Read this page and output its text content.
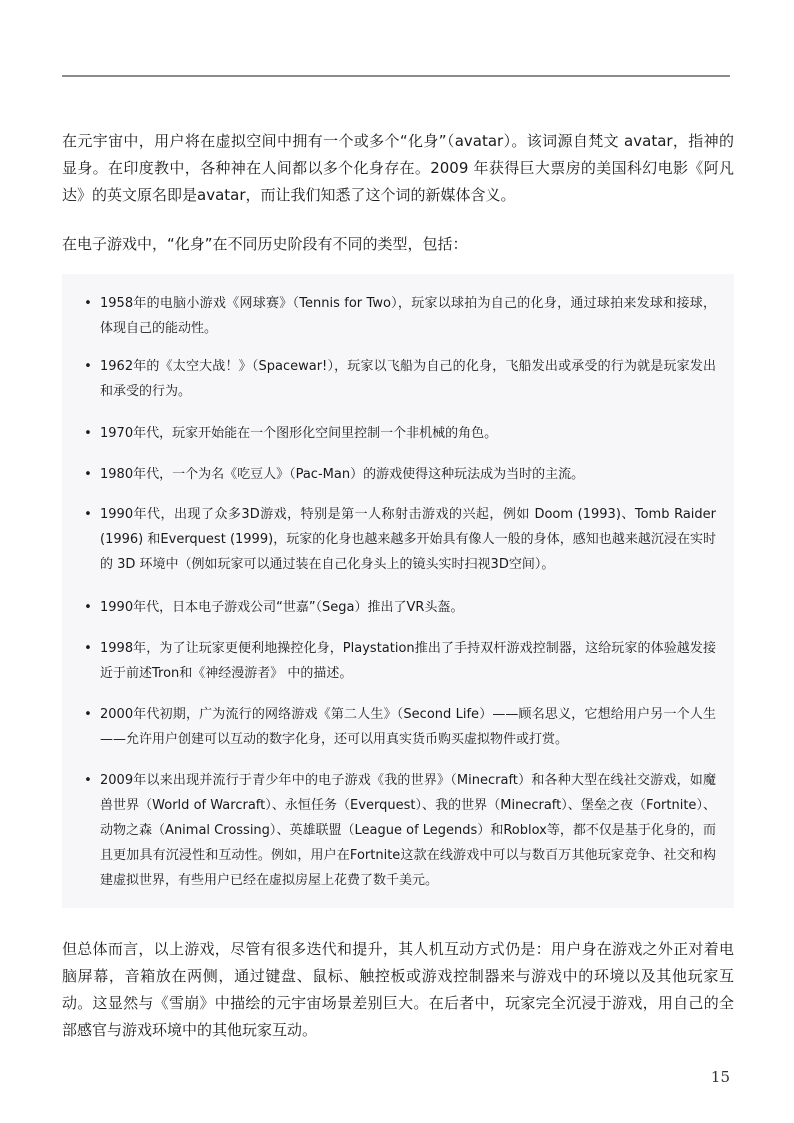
在元宇宙中，用户将在虚拟空间中拥有一个或多个“化身”（avatar）。该词源自梵文 avatar，指神的显身。在印度教中，各种神在人间都以多个化身存在。2009 年获得巨大票房的美国科幻电影《阿凡达》的英文原名即是avatar，而让我们知悉了这个词的新媒体含义。

在电子游戏中，“化身”在不同历史阶段有不同的类型，包括：

• 1958年的电脑小游戏《网球赛》（Tennis for Two），玩家以球拍为自己的化身，通过球拍来发球和接球，体现自己的能动性。
• 1962年的《太空大战！》（Spacewar!），玩家以飞船为自己的化身，飞船发出或承受的行为就是玩家发出和承受的行为。
• 1970年代，玩家开始能在一个图形化空间里控制一个非机械的角色。
• 1980年代，一个为名《吃豆人》（Pac-Man）的游戏使得这种玩法成为当时的主流。
• 1990年代，出现了众多3D游戏，特别是第一人称射击游戏的兴起，例如 Doom (1993)、Tomb Raider (1996) 和Everquest (1999)，玩家的化身也越来越多开始具有像人一般的身体，感知也越来越沉浸在实时的 3D 环境中（例如玩家可以通过装在自己化身头上的镜头实时扫视3D空间）。
• 1990年代，日本电子游戏公司“世嘉”（Sega）推出了VR头盔。
• 1998年，为了让玩家更便利地操控化身，Playstation推出了手持双杆游戏控制器，这给玩家的体验越发接近于前述Tron和《神经漫游者》 中的描述。
• 2000年代初期，广为流行的网络游戏《第二人生》（Second Life）——顾名思义，它想给用户另一个人生——允许用户创建可以互动的数字化身，还可以用真实货币购买虚拟物件或打赏。
• 2009年以来出现并流行于青少年中的电子游戏《我的世界》（Minecraft）和各种大型在线社交游戏，如魔兽世界（World of Warcraft）、永恒任务（Everquest）、我的世界（Minecraft）、堡垒之夜（Fortnite）、动物之森（Animal Crossing）、英雄联盟（League of Legends）和Roblox等，都不仅是基于化身的，而且更加具有沉浸性和互动性。例如，用户在Fortnite这款在线游戏中可以与数百万其他玩家竞争、社交和构建虚拟世界，有些用户已经在虚拟房屋上花费了数千美元。

但总体而言，以上游戏，尽管有很多迭代和提升，其人机互动方式仍是：用户身在游戏之外正对着电脑屏幕，音箱放在两侧，通过键盘、鼠标、触控板或游戏控制器来与游戏中的环境以及其他玩家互动。这显然与《雪崩》中描绘的元宇宙场景差别巨大。在后者中，玩家完全沉浸于游戏，用自己的全部感官与游戏环境中的其他玩家互动。

15
